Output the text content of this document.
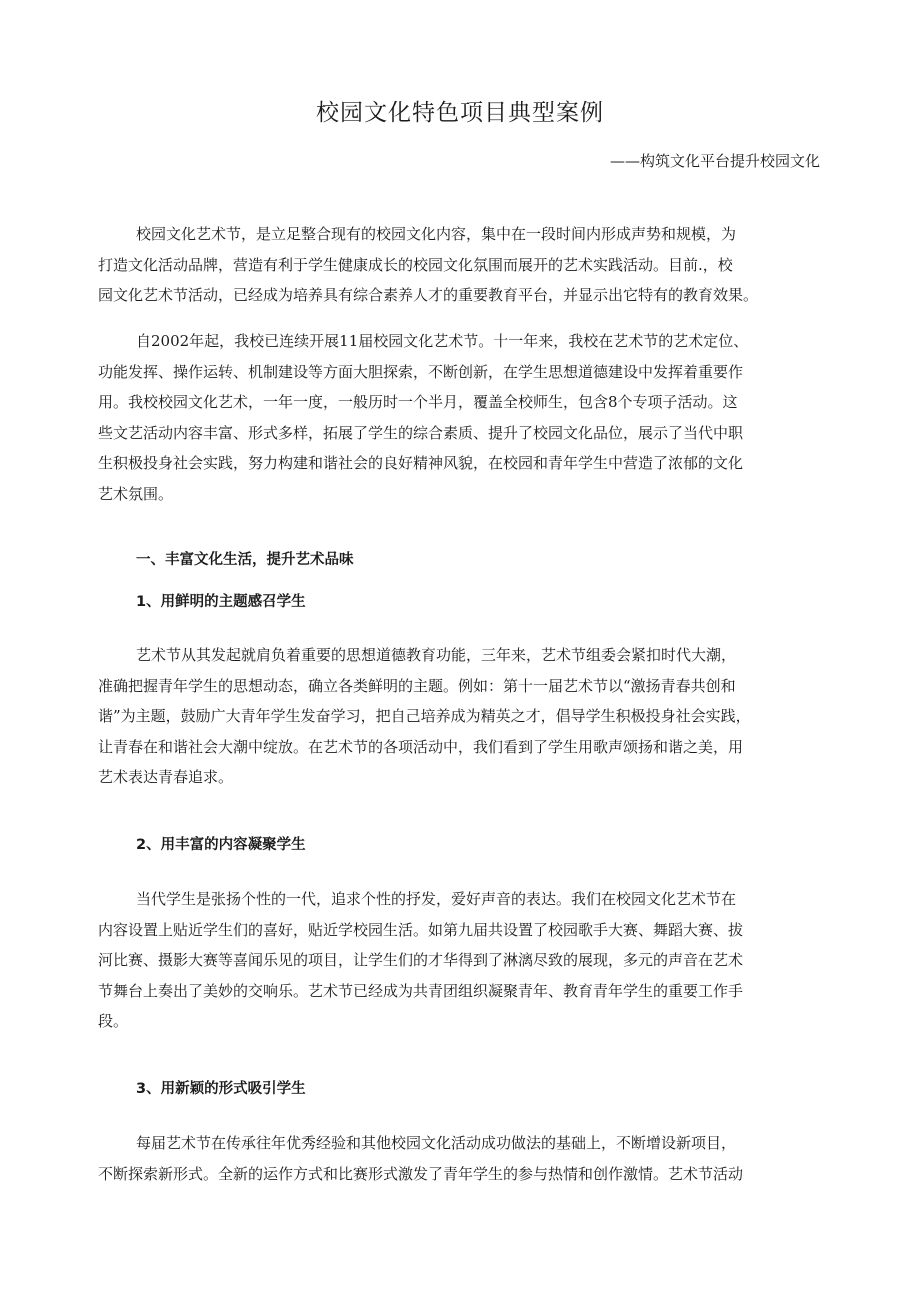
校园文化特色项目典型案例
——构筑文化平台提升校园文化
校园文化艺术节，是立足整合现有的校园文化内容，集中在一段时间内形成声势和规模，为
打造文化活动品牌，营造有利于学生健康成长的校园文化氛围而展开的艺术实践活动。目前.，校
园文化艺术节活动，已经成为培养具有综合素养人才的重要教育平台，并显示出它特有的教育效果。
自2002年起，我校已连续开展11届校园文化艺术节。十一年来，我校在艺术节的艺术定位、
功能发挥、操作运转、机制建设等方面大胆探索，不断创新，在学生思想道德建设中发挥着重要作
用。我校校园文化艺术，一年一度，一般历时一个半月，覆盖全校师生，包含8个专项子活动。这
些文艺活动内容丰富、形式多样，拓展了学生的综合素质、提升了校园文化品位，展示了当代中职
生积极投身社会实践，努力构建和谐社会的良好精神风貌，在校园和青年学生中营造了浓郁的文化
艺术氛围。
一、丰富文化生活，提升艺术品味
1、用鲜明的主题感召学生
艺术节从其发起就肩负着重要的思想道德教育功能，三年来，艺术节组委会紧扣时代大潮，
准确把握青年学生的思想动态，确立各类鲜明的主题。例如：第十一届艺术节以“激扬青春共创和
谐”为主题，鼓励广大青年学生发奋学习，把自己培养成为精英之才，倡导学生积极投身社会实践，
让青春在和谐社会大潮中绽放。在艺术节的各项活动中，我们看到了学生用歌声颂扬和谐之美，用
艺术表达青春追求。
2、用丰富的内容凝聚学生
当代学生是张扬个性的一代，追求个性的抒发，爱好声音的表达。我们在校园文化艺术节在
内容设置上贴近学生们的喜好，贴近学校园生活。如第九届共设置了校园歌手大赛、舞蹈大赛、拔
河比赛、摄影大赛等喜闻乐见的项目，让学生们的才华得到了淋漓尽致的展现，多元的声音在艺术
节舞台上奏出了美妙的交响乐。艺术节已经成为共青团组织凝聚青年、教育青年学生的重要工作手
段。
3、用新颖的形式吸引学生
每届艺术节在传承往年优秀经验和其他校园文化活动成功做法的基础上，不断增设新项目，
不断探索新形式。全新的运作方式和比赛形式激发了青年学生的参与热情和创作激情。艺术节活动
